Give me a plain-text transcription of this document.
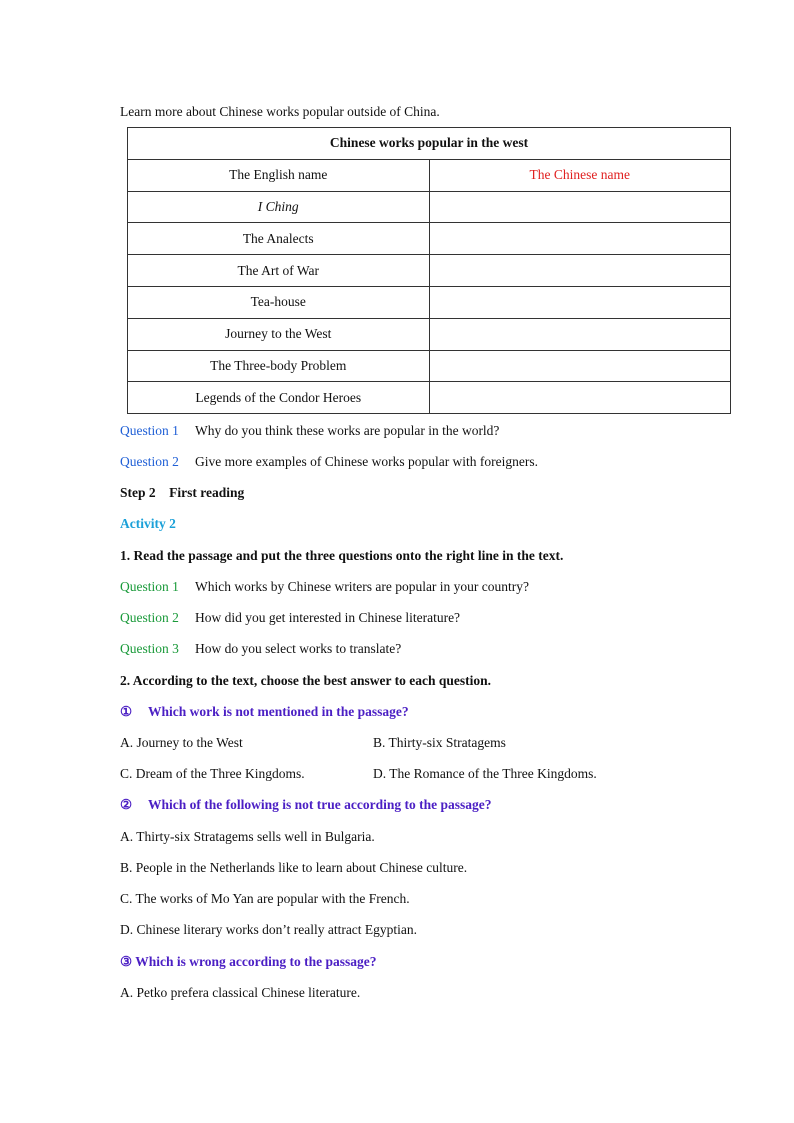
Learn more about Chinese works popular outside of China.
Chinese works popular in the west	
The English name	The Chinese name
I Ching	
The Analects	
The Art of War	
Tea-house	
Journey to the West	
The Three-body Problem	
Legends of the Condor Heroes	
Question 1 Why do you think these works are popular in the world?
Question 2 Give more examples of Chinese works popular with foreigners.
Step 2 First reading
Activity 2
1. Read the passage and put the three questions onto the right line in the text.
Question 1 Which works by Chinese writers are popular in your country?
Question 2 How did you get interested in Chinese literature?
Question 3 How do you select works to translate?
2. According to the text, choose the best answer to each question.
① Which work is not mentioned in the passage?
A. Journey to the West	B. Thirty-six Stratagems
C. Dream of the Three Kingdoms.	D. The Romance of the Three Kingdoms.
② Which of the following is not true according to the passage?
A. Thirty-six Stratagems sells well in Bulgaria.
B. People in the Netherlands like to learn about Chinese culture.
C. The works of Mo Yan are popular with the French.
D. Chinese literary works don’t really attract Egyptian.
③ Which is wrong according to the passage?
A. Petko prefera classical Chinese literature.
